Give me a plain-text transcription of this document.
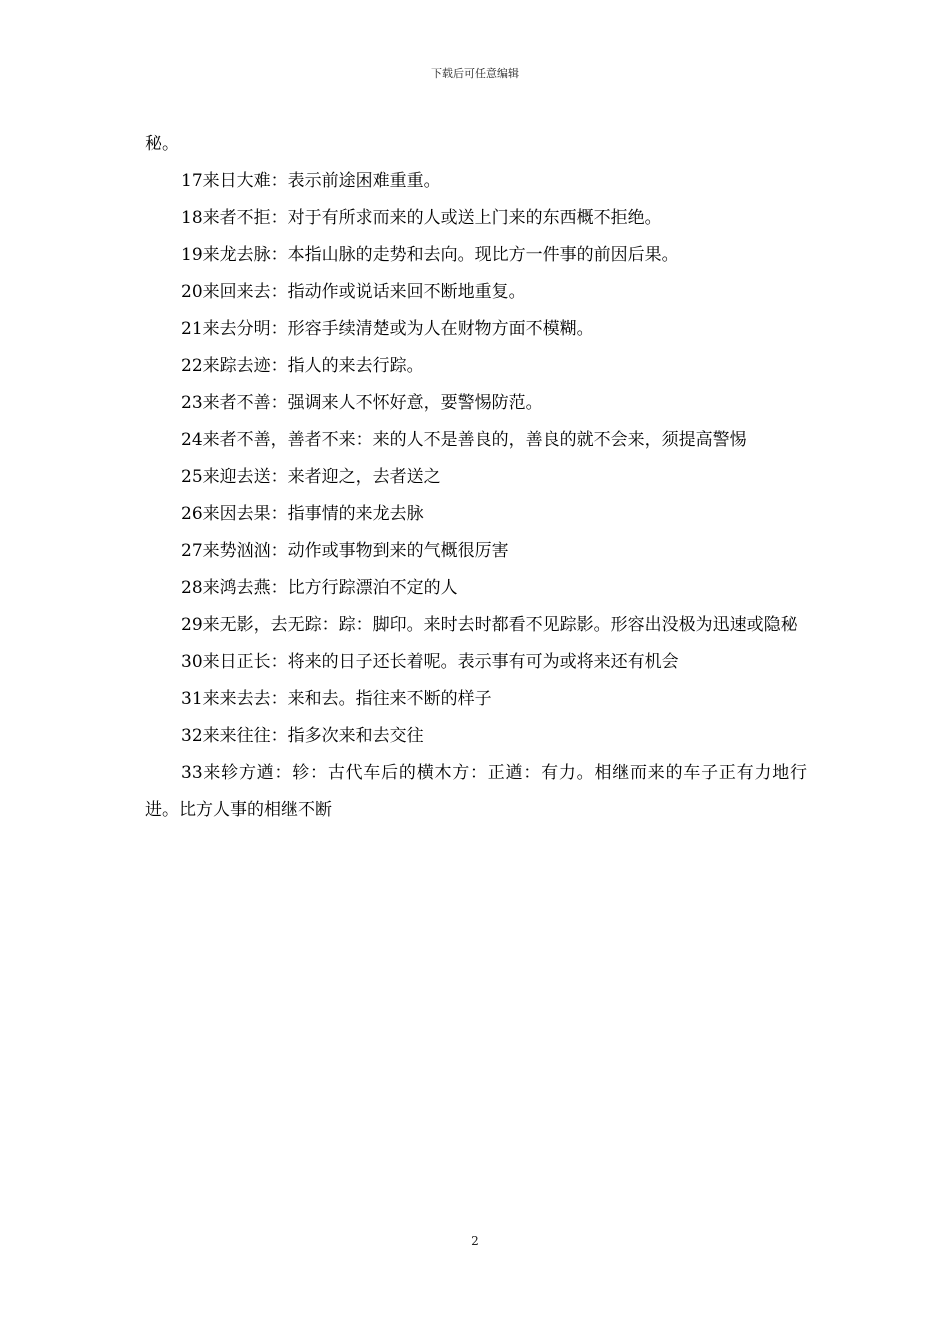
下载后可任意编辑

秘。

17来日大难：表示前途困难重重。

18来者不拒：对于有所求而来的人或送上门来的东西概不拒绝。

19来龙去脉：本指山脉的走势和去向。现比方一件事的前因后果。

20来回来去：指动作或说话来回不断地重复。

21来去分明：形容手续清楚或为人在财物方面不模糊。

22来踪去迹：指人的来去行踪。

23来者不善：强调来人不怀好意，要警惕防范。

24来者不善，善者不来：来的人不是善良的，善良的就不会来，须提高警惕

25来迎去送：来者迎之，去者送之

26来因去果：指事情的来龙去脉

27来势汹汹：动作或事物到来的气概很厉害

28来鸿去燕：比方行踪漂泊不定的人

29来无影，去无踪：踪：脚印。来时去时都看不见踪影。形容出没极为迅速或隐秘

30来日正长：将来的日子还长着呢。表示事有可为或将来还有机会

31来来去去：来和去。指往来不断的样子

32来来往往：指多次来和去交往

33来轸方遒：轸：古代车后的横木方：正遒：有力。相继而来的车子正有力地行进。比方人事的相继不断

2
